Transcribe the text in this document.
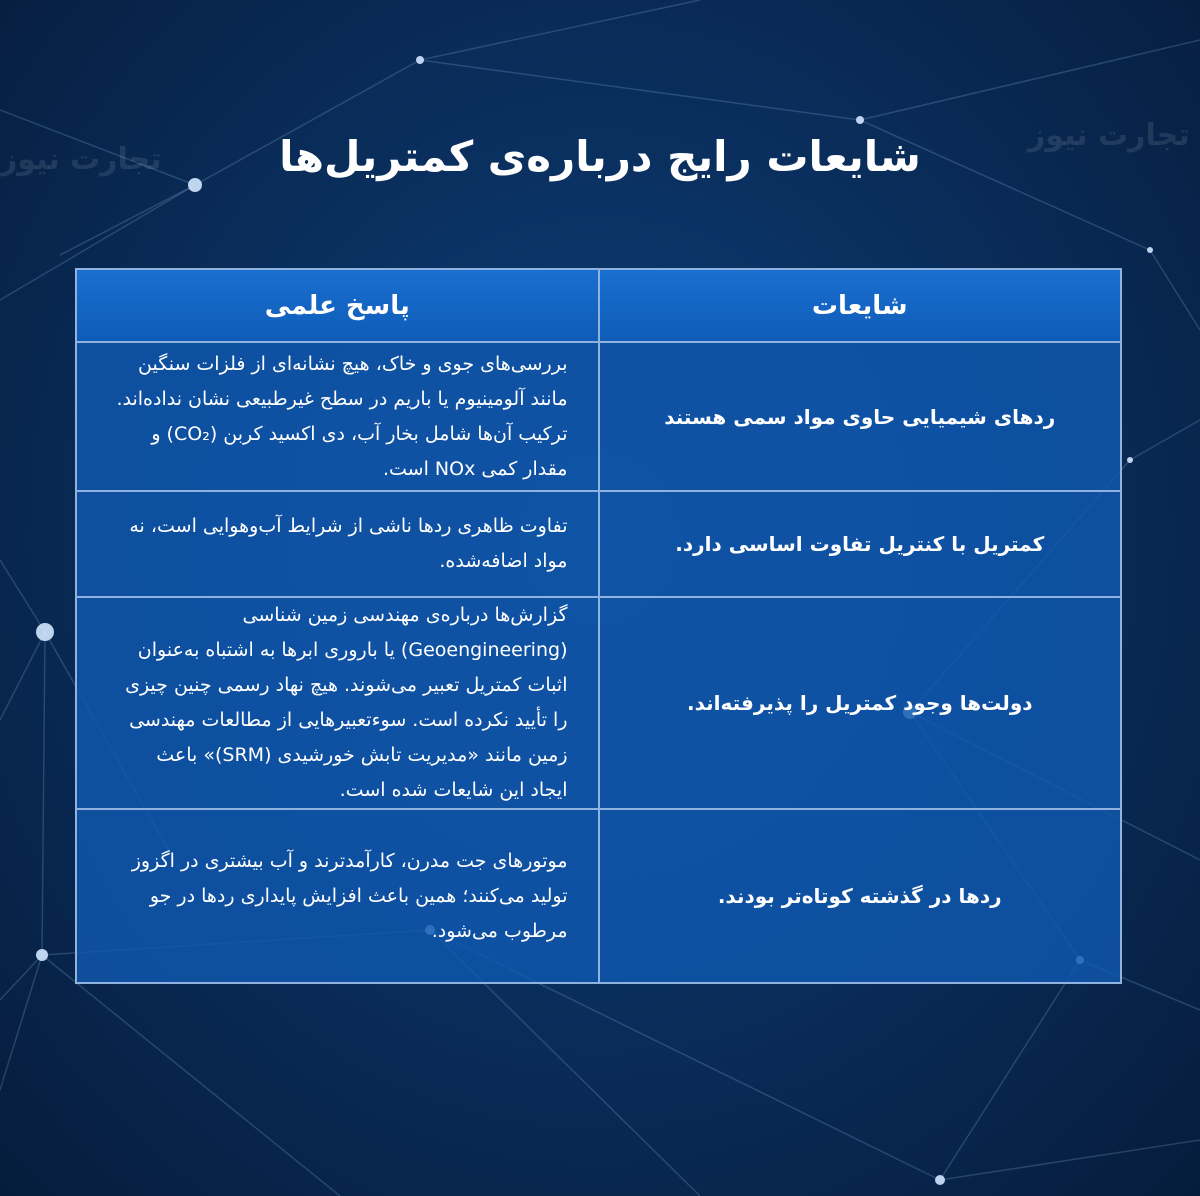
تجارت نیوز
تجارت نیوز
شایعات رایج درباره‌ی کمتریل‌ها
شایعات	پاسخ علمی
ردهای شیمیایی حاوی مواد سمی هستند	بررسی‌های جوی و خاک، هیچ نشانه‌ای از فلزات سنگین مانند آلومینیوم یا باریم در سطح غیرطبیعی نشان نداده‌اند. ترکیب آن‌ها شامل بخار آب، دی اکسید کربن (CO₂) و مقدار کمی NOx است.
کمتریل با کنتریل تفاوت اساسی دارد.	تفاوت ظاهری ردها ناشی از شرایط آب‌وهوایی است، نه مواد اضافه‌شده.
دولت‌ها وجود کمتریل را پذیرفته‌اند.	گزارش‌ها درباره‌ی مهندسی زمین شناسی (Geoengineering) یا باروری ابرها به اشتباه به‌عنوان اثبات کمتریل تعبیر می‌شوند. هیچ نهاد رسمی چنین چیزی را تأیید نکرده است. سوءتعبیرهایی از مطالعات مهندسی زمین مانند «مدیریت تابش خورشیدی (SRM)» باعث ایجاد این شایعات شده است.
ردها در گذشته کوتاه‌تر بودند.	موتورهای جت مدرن، کارآمدترند و آب بیشتری در اگزوز تولید می‌کنند؛ همین باعث افزایش پایداری ردها در جو مرطوب می‌شود.
